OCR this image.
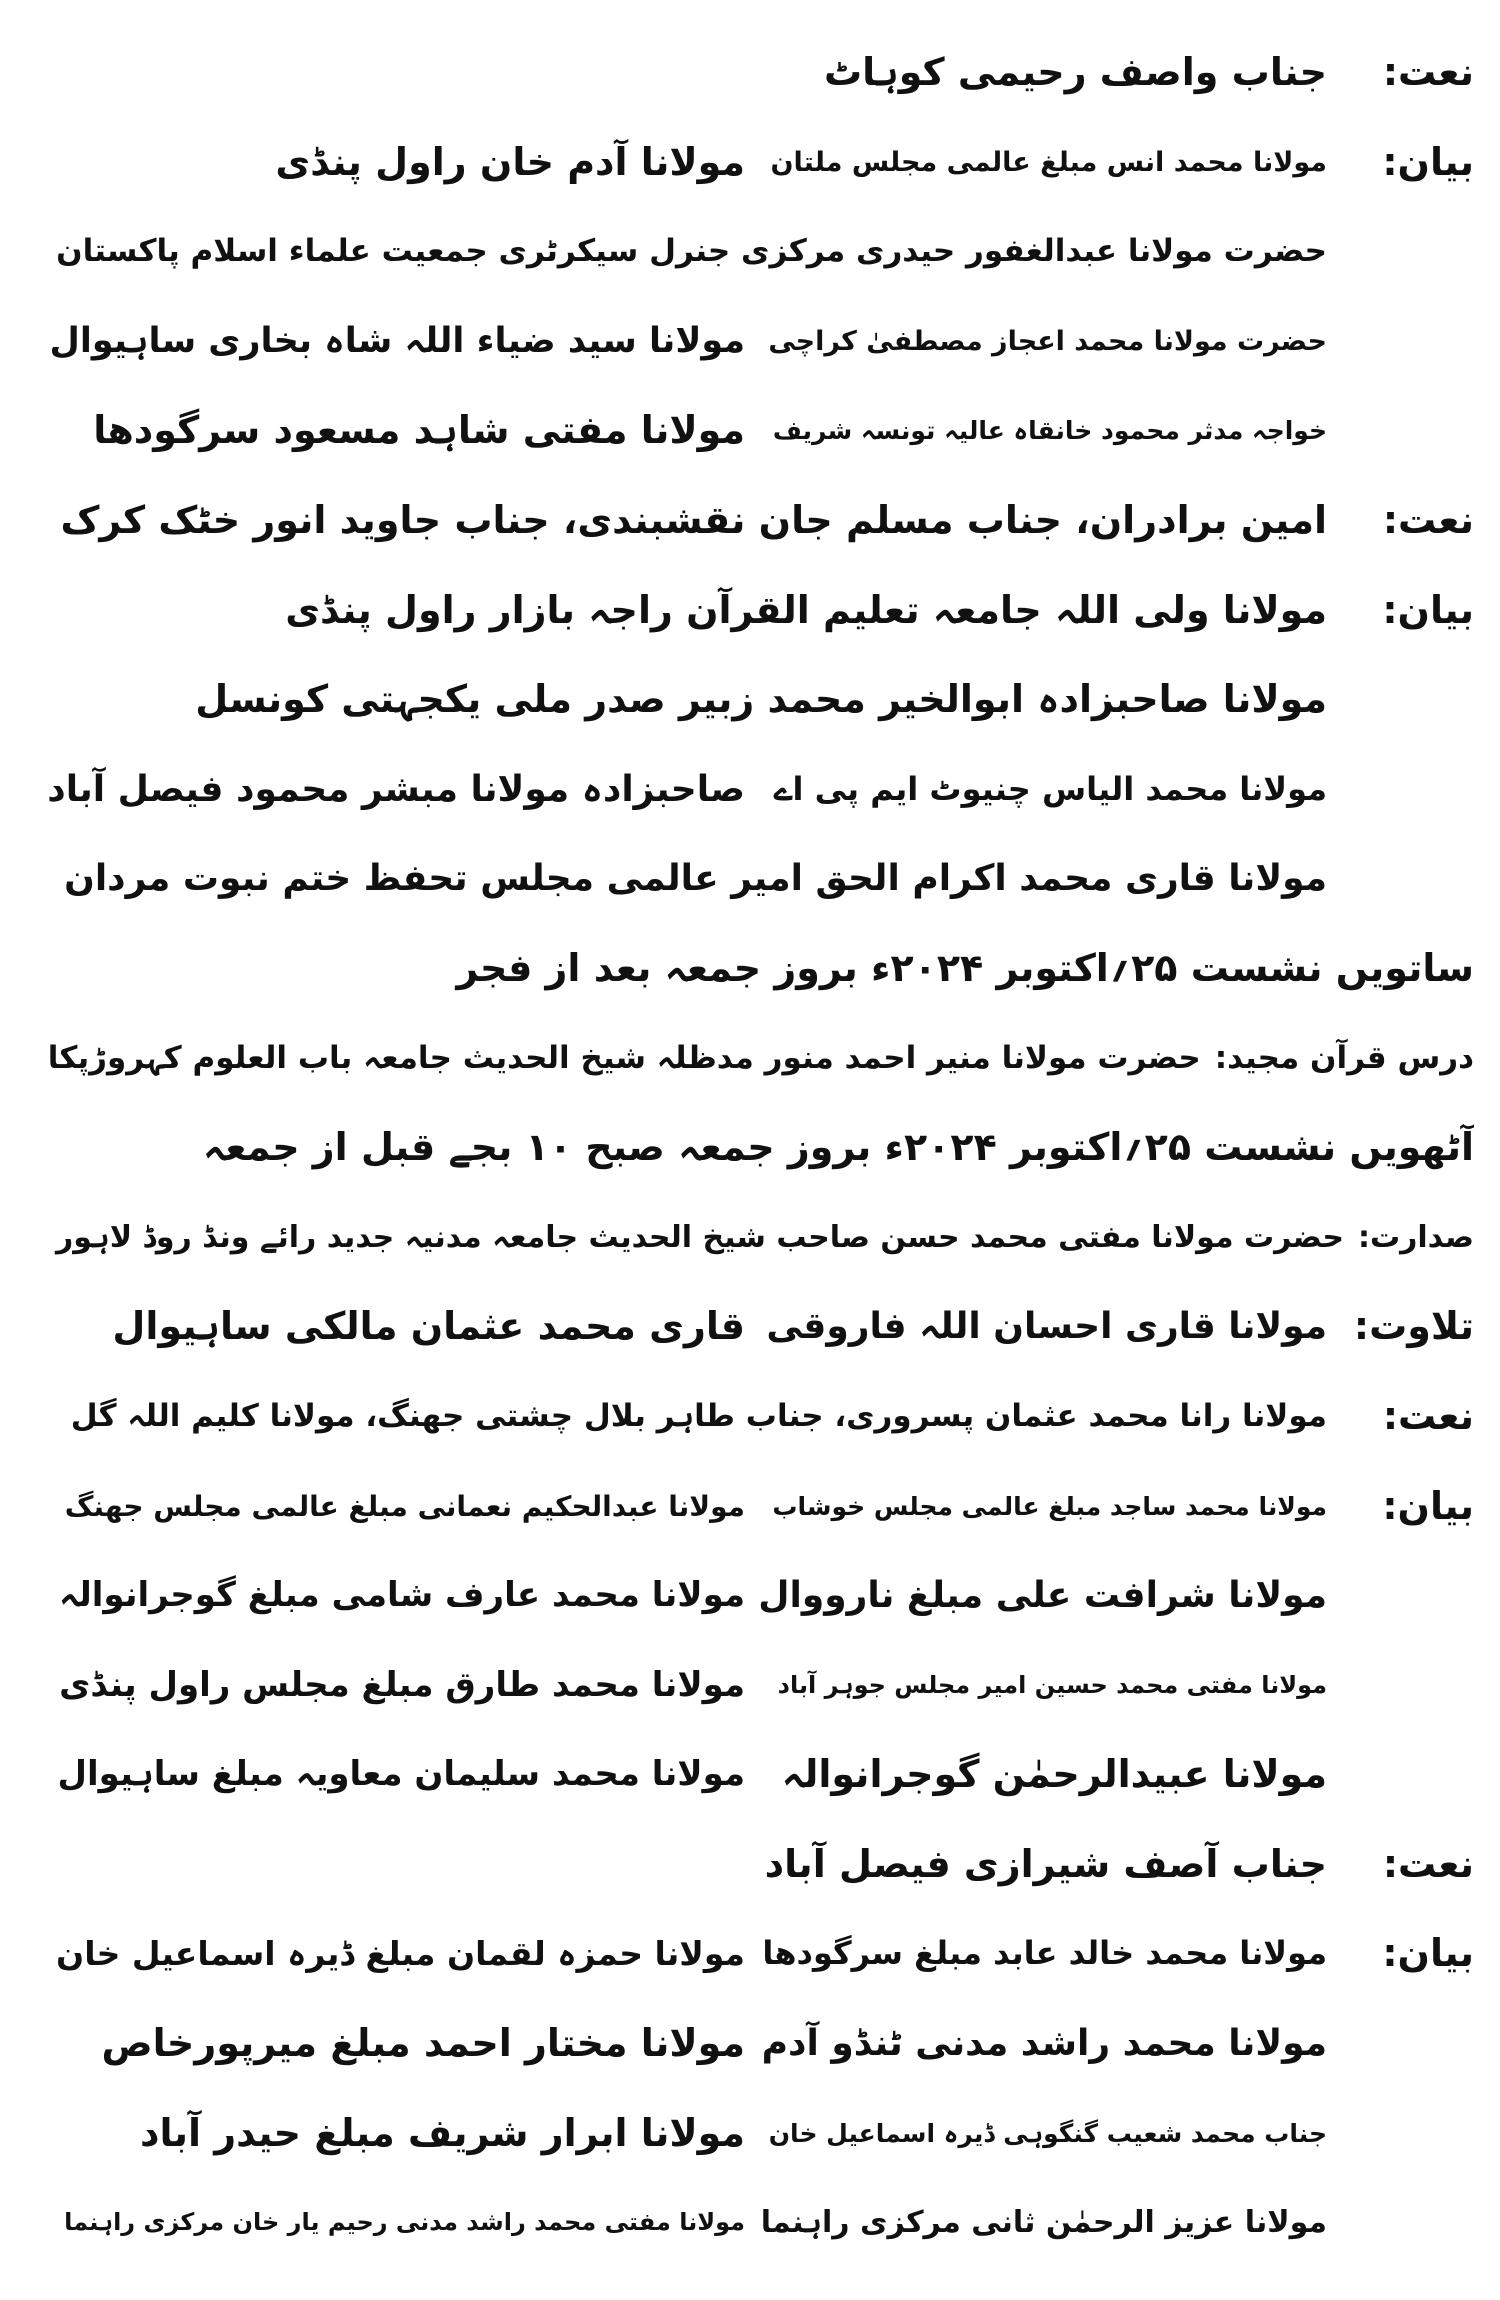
نعت:
جناب واصف رحیمی کوہاٹ
بیان:
مولانا محمد انس مبلغ عالمی مجلس ملتان
مولانا آدم خان راول پنڈی
حضرت مولانا عبدالغفور حیدری مرکزی جنرل سیکرٹری جمعیت علماء اسلام پاکستان
حضرت مولانا محمد اعجاز مصطفیٰ کراچی
مولانا سید ضیاء اللہ شاہ بخاری ساہیوال
خواجہ مدثر محمود خانقاہ عالیہ تونسہ شریف
مولانا مفتی شاہد مسعود سرگودھا
نعت:
امین برادران، جناب مسلم جان نقشبندی، جناب جاوید انور خٹک کرک
بیان:
مولانا ولی اللہ جامعہ تعلیم القرآن راجہ بازار راول پنڈی
مولانا صاحبزادہ ابوالخیر محمد زبیر صدر ملی یکجہتی کونسل
مولانا محمد الیاس چنیوٹ ایم پی اے
صاحبزادہ مولانا مبشر محمود فیصل آباد
مولانا قاری محمد اکرام الحق امیر عالمی مجلس تحفظ ختم نبوت مردان
ساتویں نشست ۲۵؍اکتوبر ۲۰۲۴ء بروز جمعہ بعد از فجر
درس قرآن مجید:حضرت مولانا منیر احمد منور مدظلہ شیخ الحدیث جامعہ باب العلوم کہروڑپکا
آٹھویں نشست ۲۵؍اکتوبر ۲۰۲۴ء بروز جمعہ صبح ۱۰ بجے قبل از جمعہ
صدارت:حضرت مولانا مفتی محمد حسن صاحب شیخ الحدیث جامعہ مدنیہ جدید رائے ونڈ روڈ لاہور
تلاوت:
مولانا قاری احسان اللہ فاروقی
قاری محمد عثمان مالکی ساہیوال
نعت:
مولانا رانا محمد عثمان پسروری، جناب طاہر بلال چشتی جھنگ، مولانا کلیم اللہ گل
بیان:
مولانا محمد ساجد مبلغ عالمی مجلس خوشاب
مولانا عبدالحکیم نعمانی مبلغ عالمی مجلس جھنگ
مولانا شرافت علی مبلغ نارووال
مولانا محمد عارف شامی مبلغ گوجرانوالہ
مولانا مفتی محمد حسین امیر مجلس جوہر آباد
مولانا محمد طارق مبلغ مجلس راول پنڈی
مولانا عبیدالرحمٰن گوجرانوالہ
مولانا محمد سلیمان معاویہ مبلغ ساہیوال
نعت:
جناب آصف شیرازی فیصل آباد
بیان:
مولانا محمد خالد عابد مبلغ سرگودھا
مولانا حمزہ لقمان مبلغ ڈیرہ اسماعیل خان
مولانا محمد راشد مدنی ٹنڈو آدم
مولانا مختار احمد مبلغ میرپورخاص
جناب محمد شعیب گنگوہی ڈیرہ اسماعیل خان
مولانا ابرار شریف مبلغ حیدر آباد
مولانا عزیز الرحمٰن ثانی مرکزی راہنما
مولانا مفتی محمد راشد مدنی رحیم یار خان مرکزی راہنما
